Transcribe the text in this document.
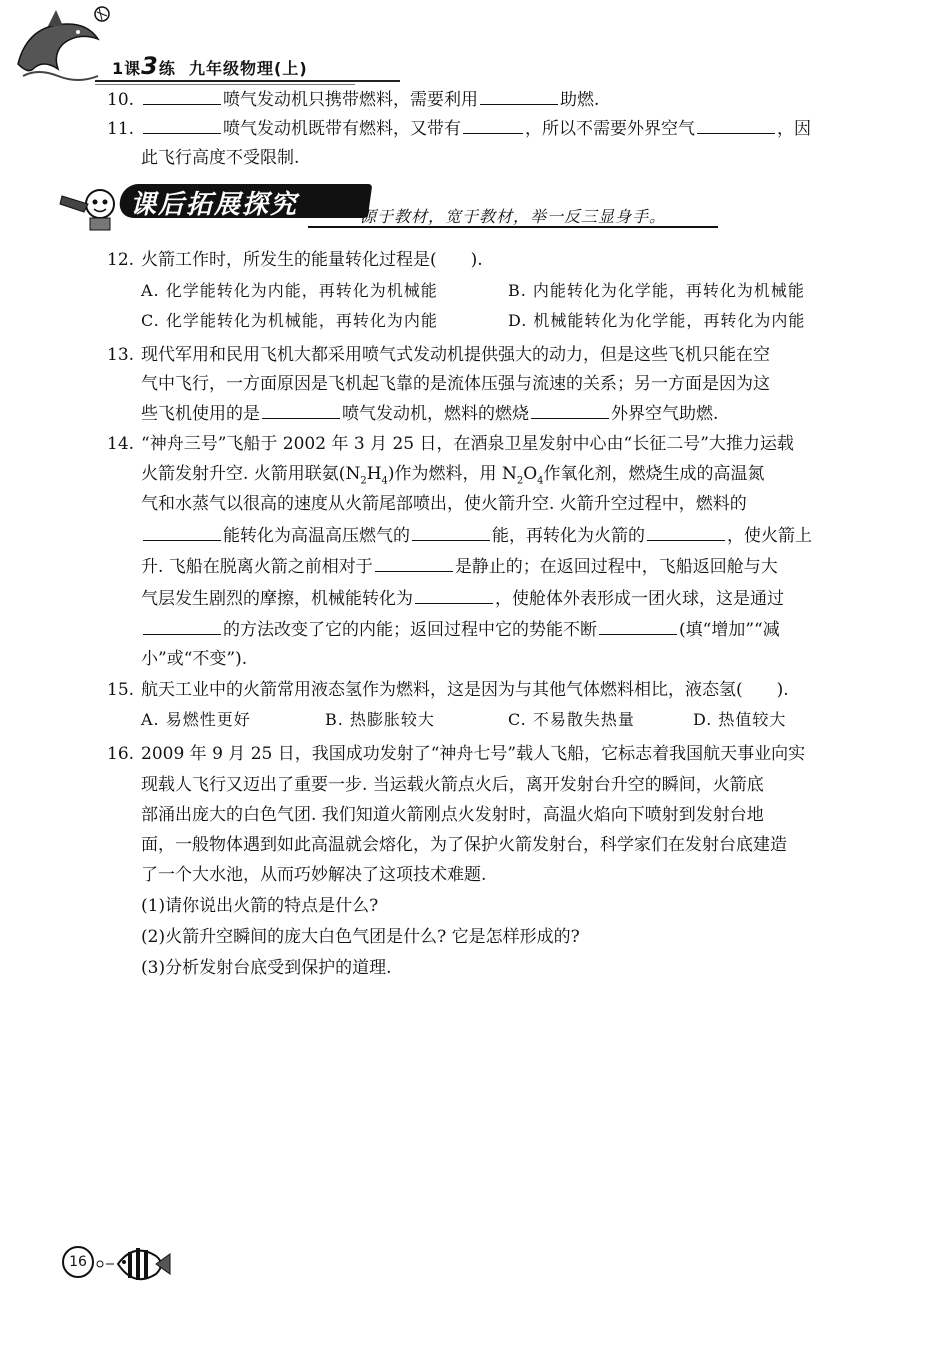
1课3练 九年级物理(上)
10.	喷气发动机只携带燃料，需要利用	助燃.
11.	喷气发动机既带有燃料，又带有	，所以不需要外界空气	，因
此飞行高度不受限制.
课后拓展探究	源于教材，宽于教材，举一反三显身手。
12. 火箭工作时，所发生的能量转化过程是(　　).
A. 化学能转化为内能，再转化为机械能	B. 内能转化为化学能，再转化为机械能
C. 化学能转化为机械能，再转化为内能	D. 机械能转化为化学能，再转化为内能
13. 现代军用和民用飞机大都采用喷气式发动机提供强大的动力，但是这些飞机只能在空
气中飞行，一方面原因是飞机起飞靠的是流体压强与流速的关系；另一方面是因为这
些飞机使用的是	喷气发动机，燃料的燃烧	外界空气助燃.
14. “神舟三号”飞船于 2002 年 3 月 25 日，在酒泉卫星发射中心由“长征二号”大推力运载
火箭发射升空. 火箭用联氨$(N_2H_4)$作为燃料，用 $N_2O_4$作氧化剂，燃烧生成的高温氮
气和水蒸气以很高的速度从火箭尾部喷出，使火箭升空. 火箭升空过程中，燃料的
能转化为高温高压燃气的	能，再转化为火箭的	，使火箭上
升. 飞船在脱离火箭之前相对于	是静止的；在返回过程中，飞船返回舱与大
气层发生剧烈的摩擦，机械能转化为	，使舱体外表形成一团火球，这是通过
的方法改变了它的内能；返回过程中它的势能不断	(填“增加”“减
小”或“不变”).
15. 航天工业中的火箭常用液态氢作为燃料，这是因为与其他气体燃料相比，液态氢(　　).
A. 易燃性更好	B. 热膨胀较大	C. 不易散失热量	D. 热值较大
16. 2009 年 9 月 25 日，我国成功发射了“神舟七号”载人飞船，它标志着我国航天事业向实
现载人飞行又迈出了重要一步. 当运载火箭点火后，离开发射台升空的瞬间，火箭底
部涌出庞大的白色气团. 我们知道火箭刚点火发射时，高温火焰向下喷射到发射台地
面，一般物体遇到如此高温就会熔化，为了保护火箭发射台，科学家们在发射台底建造
了一个大水池，从而巧妙解决了这项技术难题.
(1)请你说出火箭的特点是什么?
(2)火箭升空瞬间的庞大白色气团是什么? 它是怎样形成的?
(3)分析发射台底受到保护的道理.
16
